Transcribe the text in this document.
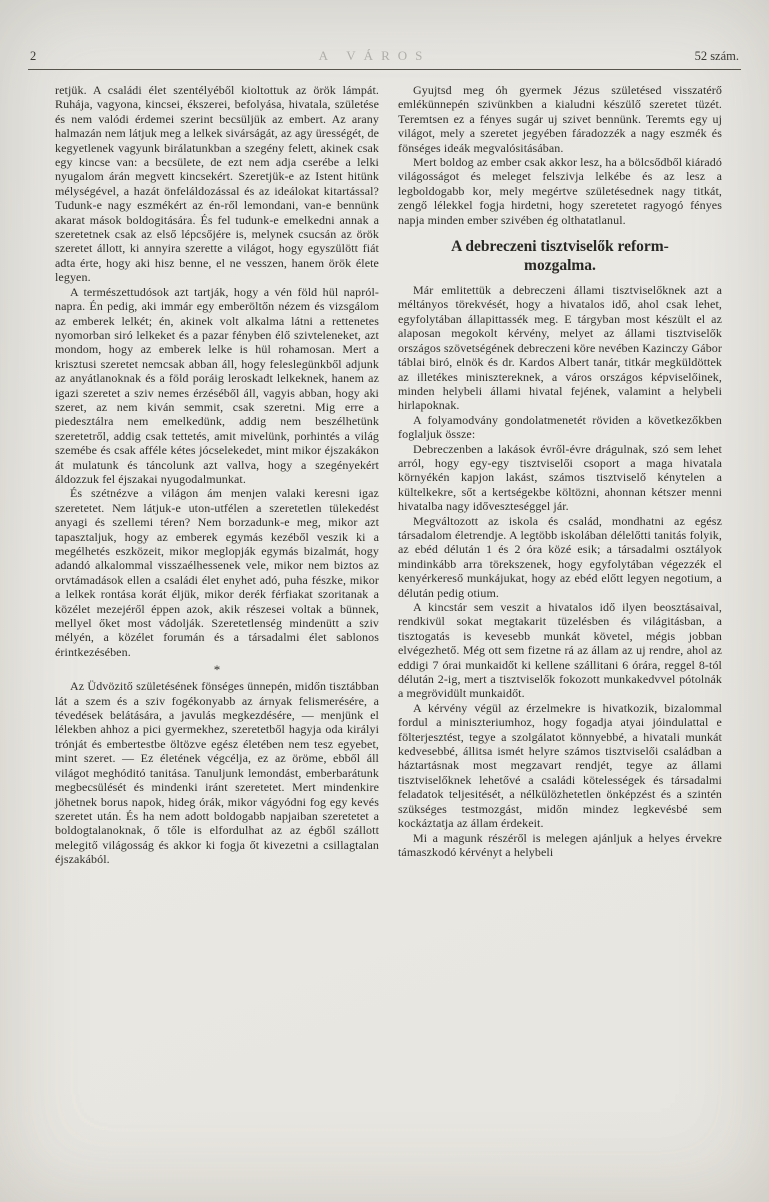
2	A VÁROS	52 szám.

retjük. A családi élet szentélyéből kioltottuk az örök lámpát. Ruhája, vagyona, kincsei, ékszerei, befolyása, hivatala, születése és nem valódi érdemei szerint becsüljük az embert. Az arany halmazán nem látjuk meg a lelkek sivárságát, az agy ürességét, de kegyetlenek vagyunk birálatunkban a szegény felett, akinek csak egy kincse van: a becsülete, de ezt nem adja cserébe a lelki nyugalom árán megvett kincsekért. Szeretjük-e az Istent hitünk mélységével, a hazát önfeláldozással és az ideálokat kitartással? Tudunk-e nagy eszmékért az én-ről lemondani, van-e bennünk akarat mások boldogitására. És fel tudunk-e emelkedni annak a szeretetnek csak az első lépcsőjére is, melynek csucsán az örök szeretet állott, ki annyira szerette a világot, hogy egyszülött fiát adta érte, hogy aki hisz benne, el ne vesszen, hanem örök élete legyen.

A természettudósok azt tartják, hogy a vén föld hül napról-napra. Én pedig, aki immár egy emberöltőn nézem és vizsgálom az emberek lelkét; én, akinek volt alkalma látni a rettenetes nyomorban siró lelkeket és a pazar fényben élő szivteleneket, azt mondom, hogy az emberek lelke is hül rohamosan. Mert a krisztusi szeretet nemcsak abban áll, hogy feleslegünkből adjunk az anyátlanoknak és a föld poráig leroskadt lelkeknek, hanem az igazi szeretet a sziv nemes érzéséből áll, vagyis abban, hogy aki szeret, az nem kiván semmit, csak szeretni. Mig erre a piedesztálra nem emelkedünk, addig nem beszélhetünk szeretetről, addig csak tettetés, amit mivelünk, porhintés a világ szemébe és csak afféle kétes jócselekedet, mint mikor éjszakákon át mulatunk és táncolunk azt vallva, hogy a szegényekért áldozzuk fel éjszakai nyugodalmunkat.

És szétnézve a világon ám menjen valaki keresni igaz szeretetet. Nem látjuk-e uton-utfélen a szeretetlen tülekedést anyagi és szellemi téren? Nem borzadunk-e meg, mikor azt tapasztaljuk, hogy az emberek egymás kezéből veszik ki a megélhetés eszközeit, mikor meglopják egymás bizalmát, hogy adandó alkalommal visszaélhessenek vele, mikor nem biztos az orvtámadások ellen a családi élet enyhet adó, puha fészke, mikor a lelkek rontása korát éljük, mikor derék férfiakat szoritanak a közélet mezejéről éppen azok, akik részesei voltak a bünnek, mellyel őket most vádolják. Szeretetlenség mindenütt a sziv mélyén, a közélet forumán és a társadalmi élet sablonos érintkezésében.

*

Az Üdvözitő születésének fönséges ünnepén, midőn tisztábban lát a szem és a sziv fogékonyabb az árnyak felismerésére, a tévedések belátására, a javulás megkezdésére, — menjünk el lélekben ahhoz a pici gyermekhez, szeretetből hagyja oda királyi trónját és embertestbe öltözve egész életében nem tesz egyebet, mint szeret. — Ez életének végcélja, ez az öröme, ebből áll világot meghóditó tanitása. Tanuljunk lemondást, emberbarátunk megbecsülését és mindenki iránt szeretetet. Mert mindenkire jöhetnek borus napok, hideg órák, mikor vágyódni fog egy kevés szeretet után. És ha nem adott boldogabb napjaiban szeretetet a boldogtalanoknak, ő tőle is elfordulhat az az égből szállott melegitő világosság és akkor ki fogja őt kivezetni a csillagtalan éjszakából.

Gyujtsd meg óh gyermek Jézus születésed visszatérő emlékünnepén szivünkben a kialudni készülő szeretet tüzét. Teremtsen ez a fényes sugár uj szivet bennünk. Teremts egy uj világot, mely a szeretet jegyében fáradozzék a nagy eszmék és fönséges ideák megvalósitásában.

Mert boldog az ember csak akkor lesz, ha a bölcsődből kiáradó világosságot és meleget felszivja lelkébe és az lesz a legboldogabb kor, mely megértve születésednek nagy titkát, zengő lélekkel fogja hirdetni, hogy szeretetet ragyogó fényes napja minden ember szivében ég olthatatlanul.

A debreczeni tisztviselők reform-mozgalma.

Már emlitettük a debreczeni állami tisztviselőknek azt a méltányos törekvését, hogy a hivatalos idő, ahol csak lehet, egyfolytában állapittassék meg. E tárgyban most készült el az alaposan megokolt kérvény, melyet az állami tisztviselők országos szövetségének debreczeni köre nevében Kazinczy Gábor táblai biró, elnök és dr. Kardos Albert tanár, titkár megküldöttek az illetékes minisztereknek, a város országos képviselőinek, minden helybeli állami hivatal fejének, valamint a helybeli hirlapoknak.

A folyamodvány gondolatmenetét röviden a következőkben foglaljuk össze:

Debreczenben a lakások évről-évre drágulnak, szó sem lehet arról, hogy egy-egy tisztviselői csoport a maga hivatala környékén kapjon lakást, számos tisztviselő kénytelen a kültelkekre, sőt a kertségekbe költözni, ahonnan kétszer menni hivatalba nagy időveszteséggel jár.

Megváltozott az iskola és család, mondhatni az egész társadalom életrendje. A legtöbb iskolában délelőtti tanitás folyik, az ebéd délután 1 és 2 óra közé esik; a társadalmi osztályok mindinkább arra törekszenek, hogy egyfolytában végezzék el kenyérkereső munkájukat, hogy az ebéd előtt legyen negotium, a délután pedig otium.

A kincstár sem veszit a hivatalos idő ilyen beosztásaival, rendkivül sokat megtakarit tüzelésben és világitásban, a tisztogatás is kevesebb munkát követel, mégis jobban elvégezhető. Még ott sem fizetne rá az állam az uj rendre, ahol az eddigi 7 órai munkaidőt ki kellene szállitani 6 órára, reggel 8-tól délután 2-ig, mert a tisztviselők fokozott munkakedvvel pótolnák a megrövidült munkaidőt.

A kérvény végül az érzelmekre is hivatkozik, bizalommal fordul a miniszteriumhoz, hogy fogadja atyai jóindulattal e fölterjesztést, tegye a szolgálatot könnyebbé, a hivatali munkát kedvesebbé, állitsa ismét helyre számos tisztviselői családban a háztartásnak most megzavart rendjét, tegye az állami tisztviselőknek lehetővé a családi kötelességek és társadalmi feladatok teljesitését, a nélkülözhetetlen önképzést és a szintén szükséges testmozgást, midőn mindez legkevésbé sem kockáztatja az állam érdekeit.

Mi a magunk részéről is melegen ajánljuk a helyes érvekre támaszkodó kérvényt a helybeli
